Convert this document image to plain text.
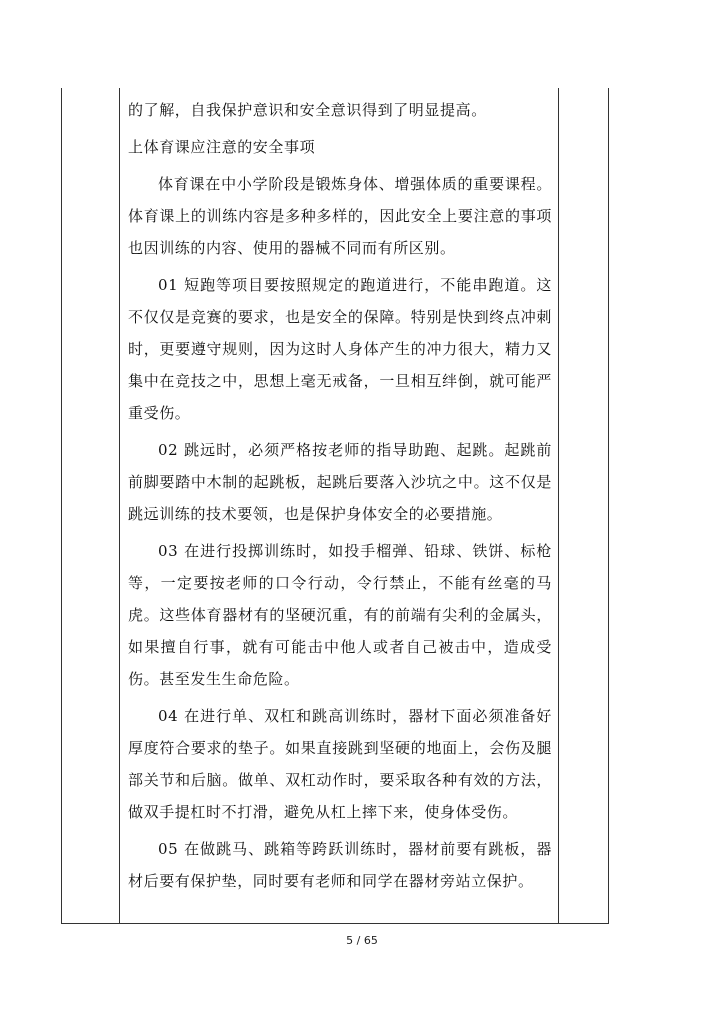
的了解，自我保护意识和安全意识得到了明显提高。

上体育课应注意的安全事项

体育课在中小学阶段是锻炼身体、增强体质的重要课程。体育课上的训练内容是多种多样的，因此安全上要注意的事项也因训练的内容、使用的器械不同而有所区别。

01 短跑等项目要按照规定的跑道进行，不能串跑道。这不仅仅是竞赛的要求，也是安全的保障。特别是快到终点冲刺时，更要遵守规则，因为这时人身体产生的冲力很大，精力又集中在竞技之中，思想上毫无戒备，一旦相互绊倒，就可能严重受伤。

02 跳远时，必须严格按老师的指导助跑、起跳。起跳前前脚要踏中木制的起跳板，起跳后要落入沙坑之中。这不仅是跳远训练的技术要领，也是保护身体安全的必要措施。

03 在进行投掷训练时，如投手榴弹、铅球、铁饼、标枪等，一定要按老师的口令行动，令行禁止，不能有丝毫的马虎。这些体育器材有的坚硬沉重，有的前端有尖利的金属头，如果擅自行事，就有可能击中他人或者自己被击中，造成受伤。甚至发生生命危险。

04 在进行单、双杠和跳高训练时，器材下面必须准备好厚度符合要求的垫子。如果直接跳到坚硬的地面上，会伤及腿部关节和后脑。做单、双杠动作时，要采取各种有效的方法，做双手提杠时不打滑，避免从杠上摔下来，使身体受伤。

05 在做跳马、跳箱等跨跃训练时，器材前要有跳板，器材后要有保护垫，同时要有老师和同学在器材旁站立保护。

5 / 65
